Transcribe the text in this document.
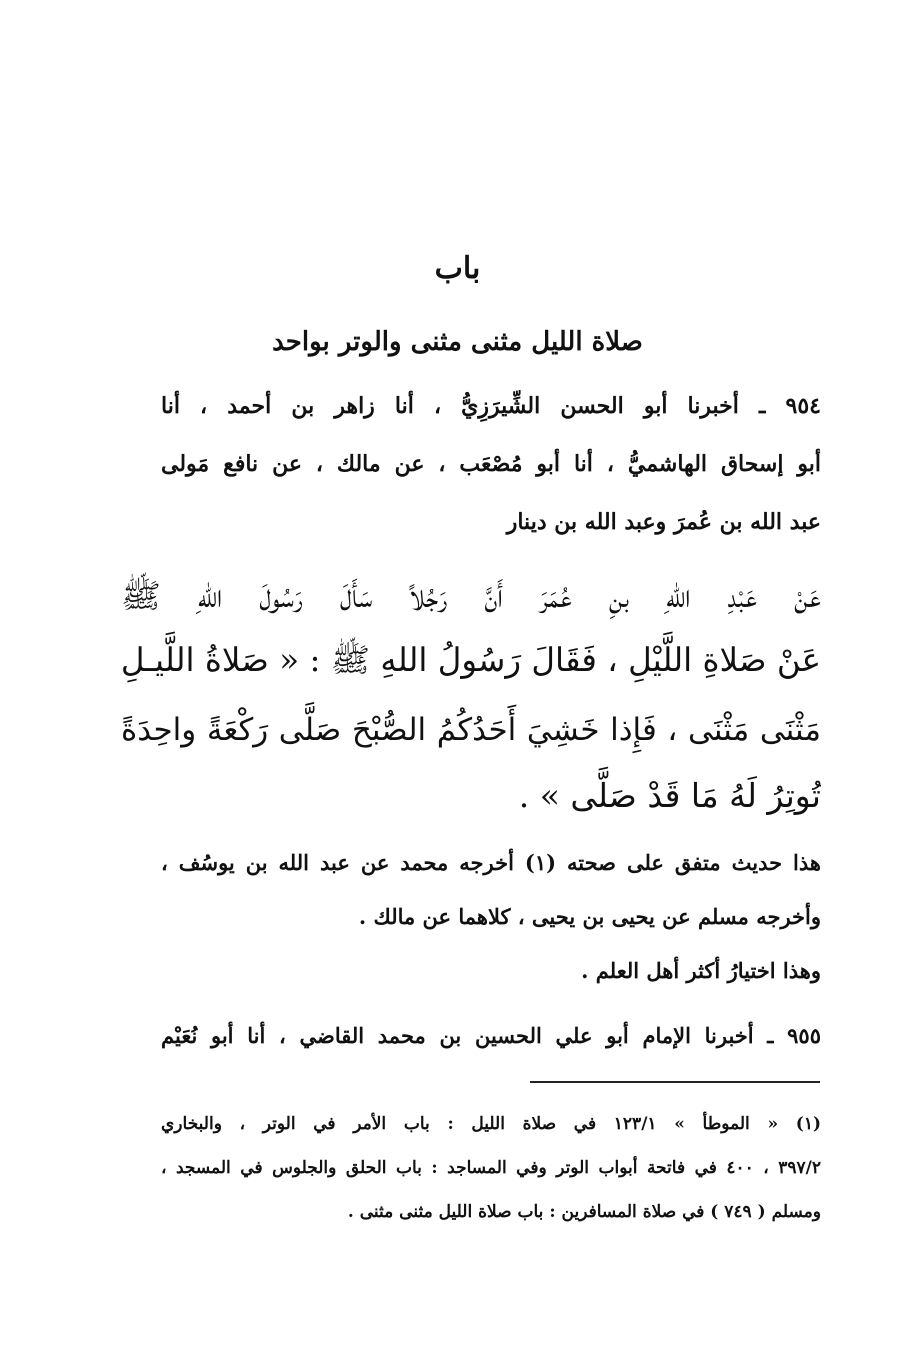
باب
صلاة الليل مثنى مثنى والوتر بواحد
٩٥٤ ـ أخبرنا أبو الحسن الشِّيرَزِيُّ ، أنا زاهر بن أحمد ، أنا
أبو إسحاق الهاشميُّ ، أنا أبو مُصْعَب ، عن مالك ، عن نافع مَولى
عبد الله بن عُمرَ وعبد الله بن دينار
عَنْ عَبْدِ اللهِ بنِ عُمَرَ أَنَّ رَجُلاً سَأَلَ رَسُولَ اللهِ ﷺ
عَنْ صَلاةِ اللَّيْلِ ، فَقَالَ رَسُولُ اللهِ ﷺ : « صَلاةُ اللَّيـلِ
مَثْنَى مَثْنَى ، فَإِذا خَشِيَ أَحَدُكُمُ الصُّبْحَ صَلَّى رَكْعَةً واحِدَةً
تُوتِرُ لَهُ مَا قَدْ صَلَّى » .
هذا حديث متفق على صحته (١) أخرجه محمد عن عبد الله بن يوسُف ،
وأخرجه مسلم عن يحيى بن يحيى ، كلاهما عن مالك .
وهذا اختيارُ أكثر أهل العلم .
٩٥٥ ـ أخبرنا الإمام أبو علي الحسين بن محمد القاضي ، أنا أبو نُعَيْم
(١) « الموطأ » ١٢٣/١ في صلاة الليل : باب الأمر في الوتر ، والبخاري
٣٩٧/٢ ، ٤٠٠ في فاتحة أبواب الوتر وفي المساجد : باب الحلق والجلوس في المسجد ،
ومسلم ( ٧٤٩ ) في صلاة المسافرين : باب صلاة الليل مثنى مثنى .
